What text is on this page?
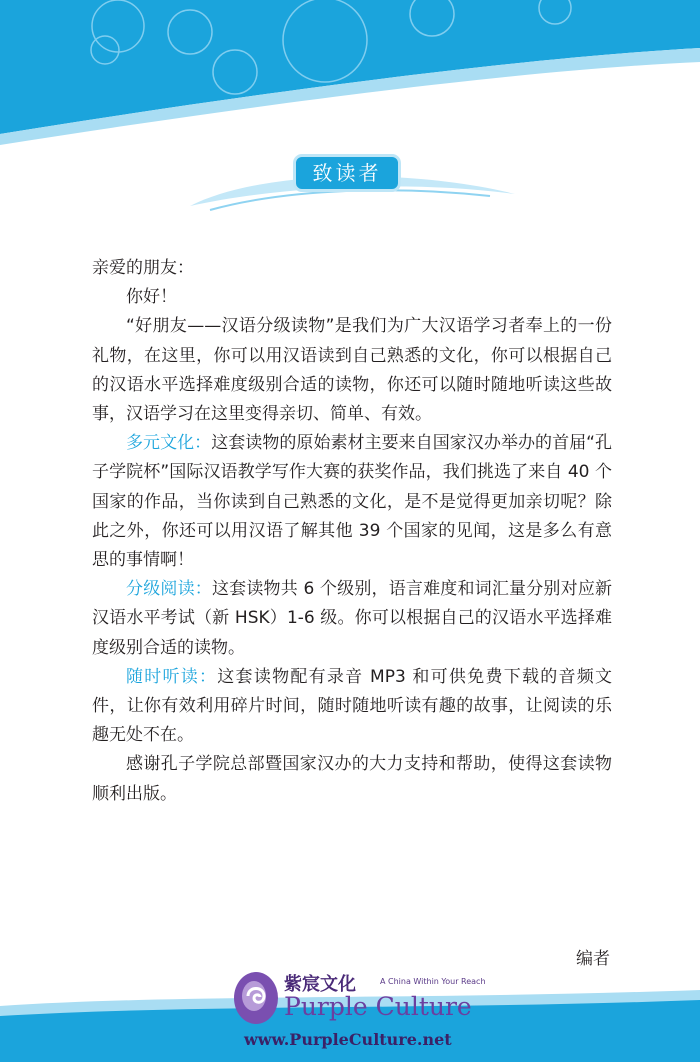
致读者

亲爱的朋友：

你好！

“好朋友——汉语分级读物”是我们为广大汉语学习者奉上的一份礼物，在这里，你可以用汉语读到自己熟悉的文化，你可以根据自己的汉语水平选择难度级别合适的读物，你还可以随时随地听读这些故事，汉语学习在这里变得亲切、简单、有效。

多元文化：这套读物的原始素材主要来自国家汉办举办的首届“孔子学院杯”国际汉语教学写作大赛的获奖作品，我们挑选了来自 40 个国家的作品，当你读到自己熟悉的文化，是不是觉得更加亲切呢？除此之外，你还可以用汉语了解其他 39 个国家的见闻，这是多么有意思的事情啊！

分级阅读：这套读物共 6 个级别，语言难度和词汇量分别对应新汉语水平考试（新 HSK）1-6 级。你可以根据自己的汉语水平选择难度级别合适的读物。

随时听读：这套读物配有录音 MP3 和可供免费下载的音频文件，让你有效利用碎片时间，随时随地听读有趣的故事，让阅读的乐趣无处不在。

感谢孔子学院总部暨国家汉办的大力支持和帮助，使得这套读物顺利出版。

编者
紫宸文化	A China Within Your Reach
Purple Culture
www.PurpleCulture.net
